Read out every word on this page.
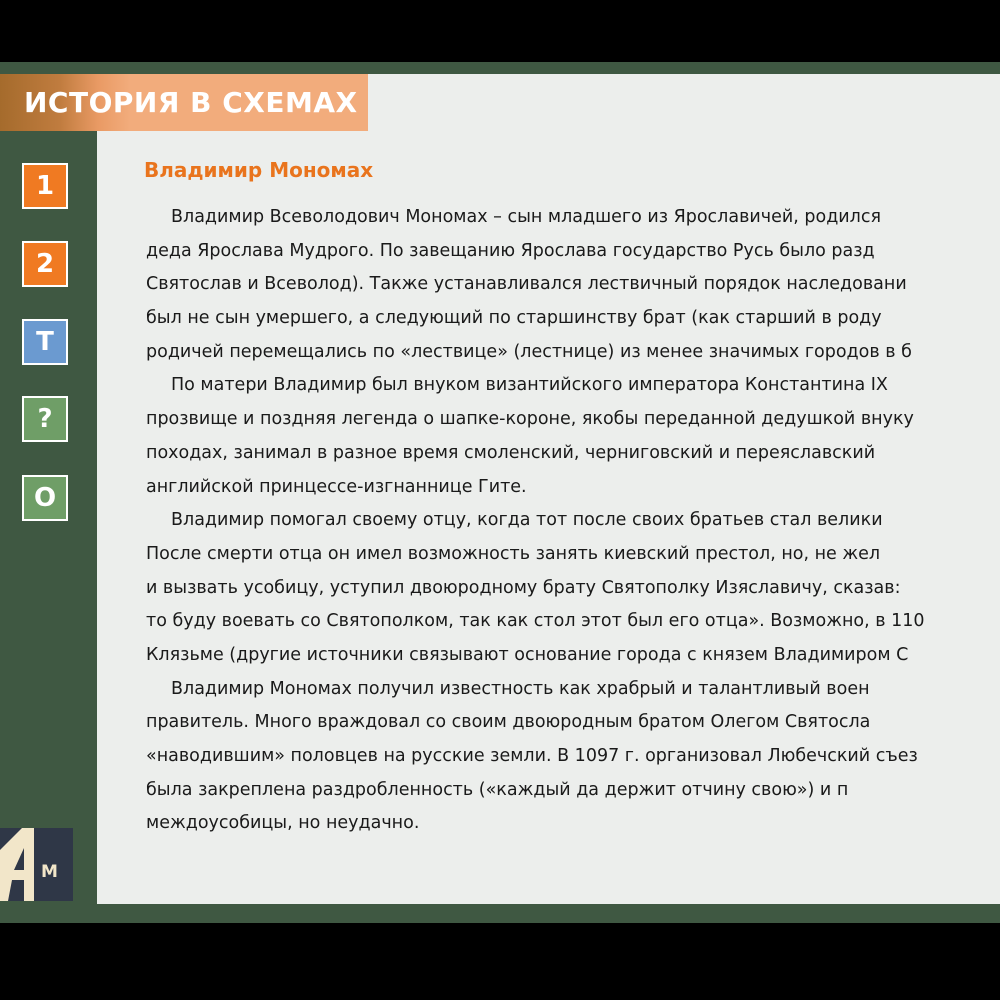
ИСТОРИЯ В СХЕМАХ
1
2
Т
?
О
M
Владимир Мономах
Владимир Всеволодович Мономах – сын младшего из Ярославичей, родился
деда Ярослава Мудрого. По завещанию Ярослава государство Русь было разд
Святослав и Всеволод). Также устанавливался лествичный порядок наследовани
был не сын умершего, а следующий по старшинству брат (как старший в роду
родичей перемещались по «лествице» (лестнице) из менее значимых городов в б
По матери Владимир был внуком византийского императора Константина IX
прозвище и поздняя легенда о шапке-короне, якобы переданной дедушкой внуку
походах, занимал в разное время смоленский, черниговский и переяславский
английской принцессе-изгнаннице Гите.
Владимир помогал своему отцу, когда тот после своих братьев стал велики
После смерти отца он имел возможность занять киевский престол, но, не жел
и вызвать усобицу, уступил двоюродному брату Святополку Изяславичу, сказав:
то буду воевать со Святополком, так как стол этот был его отца». Возможно, в 110
Клязьме (другие источники связывают основание города с князем Владимиром С
Владимир Мономах получил известность как храбрый и талантливый воен
правитель. Много враждовал со своим двоюродным братом Олегом Святосла
«наводившим» половцев на русские земли. В 1097 г. организовал Любечский съез
была закреплена раздробленность («каждый да держит отчину свою») и п
междоусобицы, но неудачно.
